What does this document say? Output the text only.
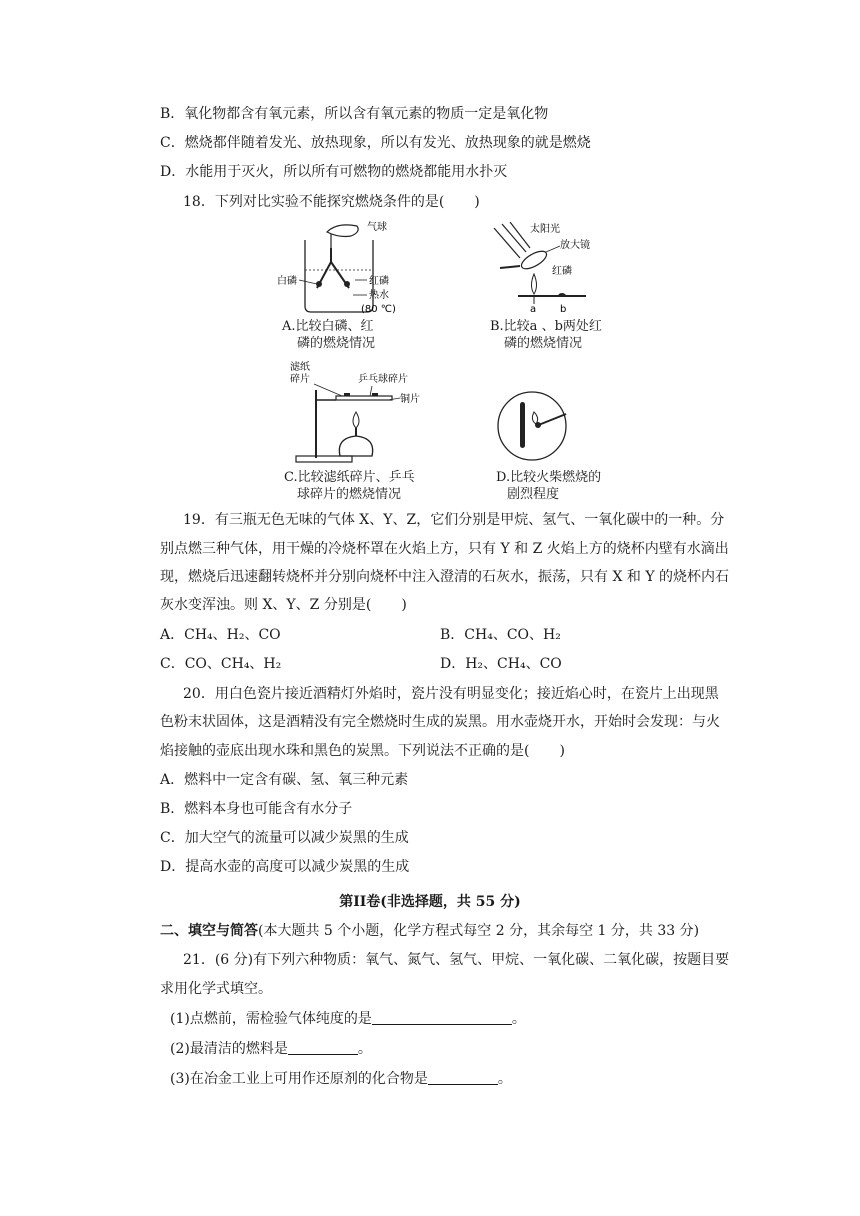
B．氧化物都含有氧元素，所以含有氧元素的物质一定是氧化物
C．燃烧都伴随着发光、放热现象，所以有发光、放热现象的就是燃烧
D．水能用于灭火，所以所有可燃物的燃烧都能用水扑灭
18．下列对比实验不能探究燃烧条件的是( )
气球
白磷	红磷
热水
(80 ℃)
A.比较白磷、红
磷的燃烧情况
太阳光
放大镜
红磷
a b
B.比较a 、b两处红
磷的燃烧情况
滤纸
碎片	乒乓球碎片
铜片
C.比较滤纸碎片、乒乓
球碎片的燃烧情况
D.比较火柴燃烧的
剧烈程度
19．有三瓶无色无味的气体 X、Y、Z，它们分别是甲烷、氢气、一氧化碳中的一种。分
别点燃三种气体，用干燥的冷烧杯罩在火焰上方，只有 Y 和 Z 火焰上方的烧杯内壁有水滴出
现，燃烧后迅速翻转烧杯并分别向烧杯中注入澄清的石灰水，振荡，只有 X 和 Y 的烧杯内石
灰水变浑浊。则 X、Y、Z 分别是( )
A．CH₄、H₂、CO	B．CH₄、CO、H₂
C．CO、CH₄、H₂	D．H₂、CH₄、CO
20．用白色瓷片接近酒精灯外焰时，瓷片没有明显变化；接近焰心时，在瓷片上出现黑
色粉末状固体，这是酒精没有完全燃烧时生成的炭黑。用水壶烧开水，开始时会发现：与火
焰接触的壶底出现水珠和黑色的炭黑。下列说法不正确的是( )
A．燃料中一定含有碳、氢、氧三种元素
B．燃料本身也可能含有水分子
C．加大空气的流量可以减少炭黑的生成
D．提高水壶的高度可以减少炭黑的生成
第II卷(非选择题，共 55 分)
二、填空与简答(本大题共 5 个小题，化学方程式每空 2 分，其余每空 1 分，共 33 分)
21．(6 分)有下列六种物质：氧气、氮气、氢气、甲烷、一氧化碳、二氧化碳，按题目要
求用化学式填空。
(1)点燃前，需检验气体纯度的是	。
(2)最清洁的燃料是	。
(3)在冶金工业上可用作还原剂的化合物是	。
